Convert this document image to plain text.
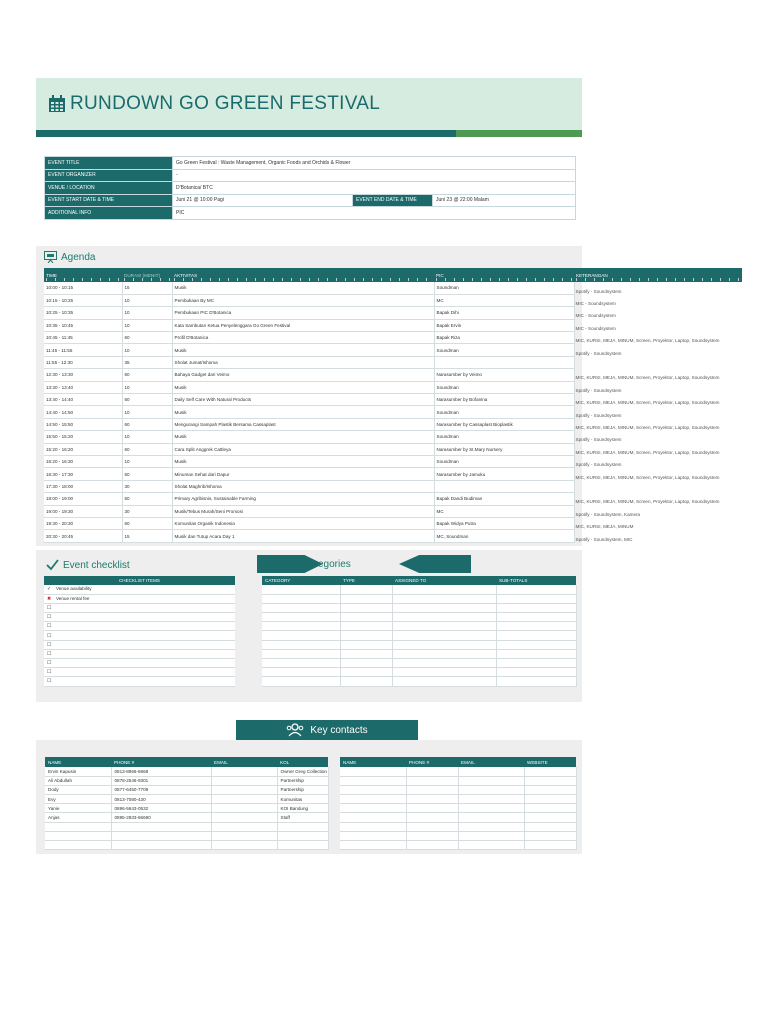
RUNDOWN GO GREEN FESTIVAL
EVENT TITLE	Go Green Festival : Waste Management, Organic Foods and Orchids & Flower		
EVENT ORGANIZER	-		
VENUE / LOCATION	D'Botanica/ BTC		
EVENT START DATE & TIME	Juni 21 @ 10:00 Pagi	EVENT END DATE & TIME	Juni 23 @ 22:00 Malam
ADDITIONAL INFO	PIC		
Agenda
TIME	DURASI (MENIT)	AKTIVITAS	PIC	KETERANGAN

10:00 - 10:15	15	Musik	Soundman	Spotify - Soundsystem
10:15 - 10:25	10	Pembukaan By MC	MC	MIC - Soundsystem
10:25 - 10:35	10	Pembukaan PIC D'Botanica	Bapak Dihi	MIC - Soundsystem
10:35 - 10:45	10	Kata Sambutan Ketua Penyelenggara Go Green Festival	Bapak Ervin	MIC - Soundsystem
10:45 - 11:45	60	Profil D'Botanica	Bapak Riza	MIC, KURSI, MEJA, MINUM, Screen, Proyektor, Laptop, Soundsystem
11:45 - 11:55	10	Musik	Soundman	Spotify - Soundsystem
11:55 - 12:30	35	Sholat Jumat/Ishoma		
12:30 - 13:30	60	Bahaya Gadget dari Veimo	Narasumber by Veimo	MIC, KURSI, MEJA, MINUM, Screen, Proyektor, Laptop, Soundsystem
13:30 - 13:40	10	Musik	Soundman	Spotify - Soundsystem
13:40 - 14:40	60	Daily Self Care With Natural Products	Narasumber by Bofanina	MIC, KURSI, MEJA, MINUM, Screen, Proyektor, Laptop, Soundsystem
14:40 - 14:50	10	Musik	Soundman	Spotify - Soundsystem
14:50 - 15:50	60	Mengurangi Sampah Plastik Bersama Cassaplast	Narasumber by Cassaplast Bioplastik	MIC, KURSI, MEJA, MINUM, Screen, Proyektor, Laptop, Soundsystem
15:50 - 15:20	10	Musik	Soundman	Spotify - Soundsystem
15:20 - 16:20	60	Cara Split Anggrek Cattleya	Narasumber by St.Mary Nursery	MIC, KURSI, MEJA, MINUM, Screen, Proyektor, Laptop, Soundsystem
16:20 - 16:30	10	Musik	Soundman	Spotify - Soundsystem
16:30 - 17:30	60	Minuman Sehat dari Dapur	Narasumber by Jamuku	MIC, KURSI, MEJA, MINUM, Screen, Proyektor, Laptop, Soundsystem
17:30 - 18:00	30	Sholat Maghrib/Ishoma		
18:00 - 19:00	60	Primary Agribisnis, Sustainable Farming	Bapak Dandi Budiman	MIC, KURSI, MEJA, MINUM, Screen, Proyektor, Laptop, Soundsystem
19:00 - 19:30	30	Musik/Tebus Murah/Seni Promosi	MC	Spotify - Soundsystem, Kamera
19:30 - 20:30	60	Komunitas Organik Indonesia	Bapak Widya Putra	MIC, KURSI, MEJA, MINUM
20:30 - 20:45	15	Musik dan Tutup Acara Day 1	MC, Soundman	Spotify - Soundsystem, MIC
Event checklist
CHECKLIST ITEMS
✓ Venue availability
✖ Venue rental fee
☐
☐
☐
☐
☐
☐
☐
☐
☐
egories
CATEGORY	TYPE	ASSIGNED TO	SUB-TOTALS

Key contacts
NAME	PHONE #	EMAIL	KOL
Ervin Kapusin	0813-8966-6868		Owner Greg Collection
Ali Abdullah	0878-2546-9301		Partnership
Dody	0877-6450-7709		Partnership
Evy	0813-7080-430		Komunitas
Yanie	0896-5643-0532		KOI Bandung
Anjas	0895-2833-66690		Staff

NAME	PHONE #	EMAIL	WEBSITE
